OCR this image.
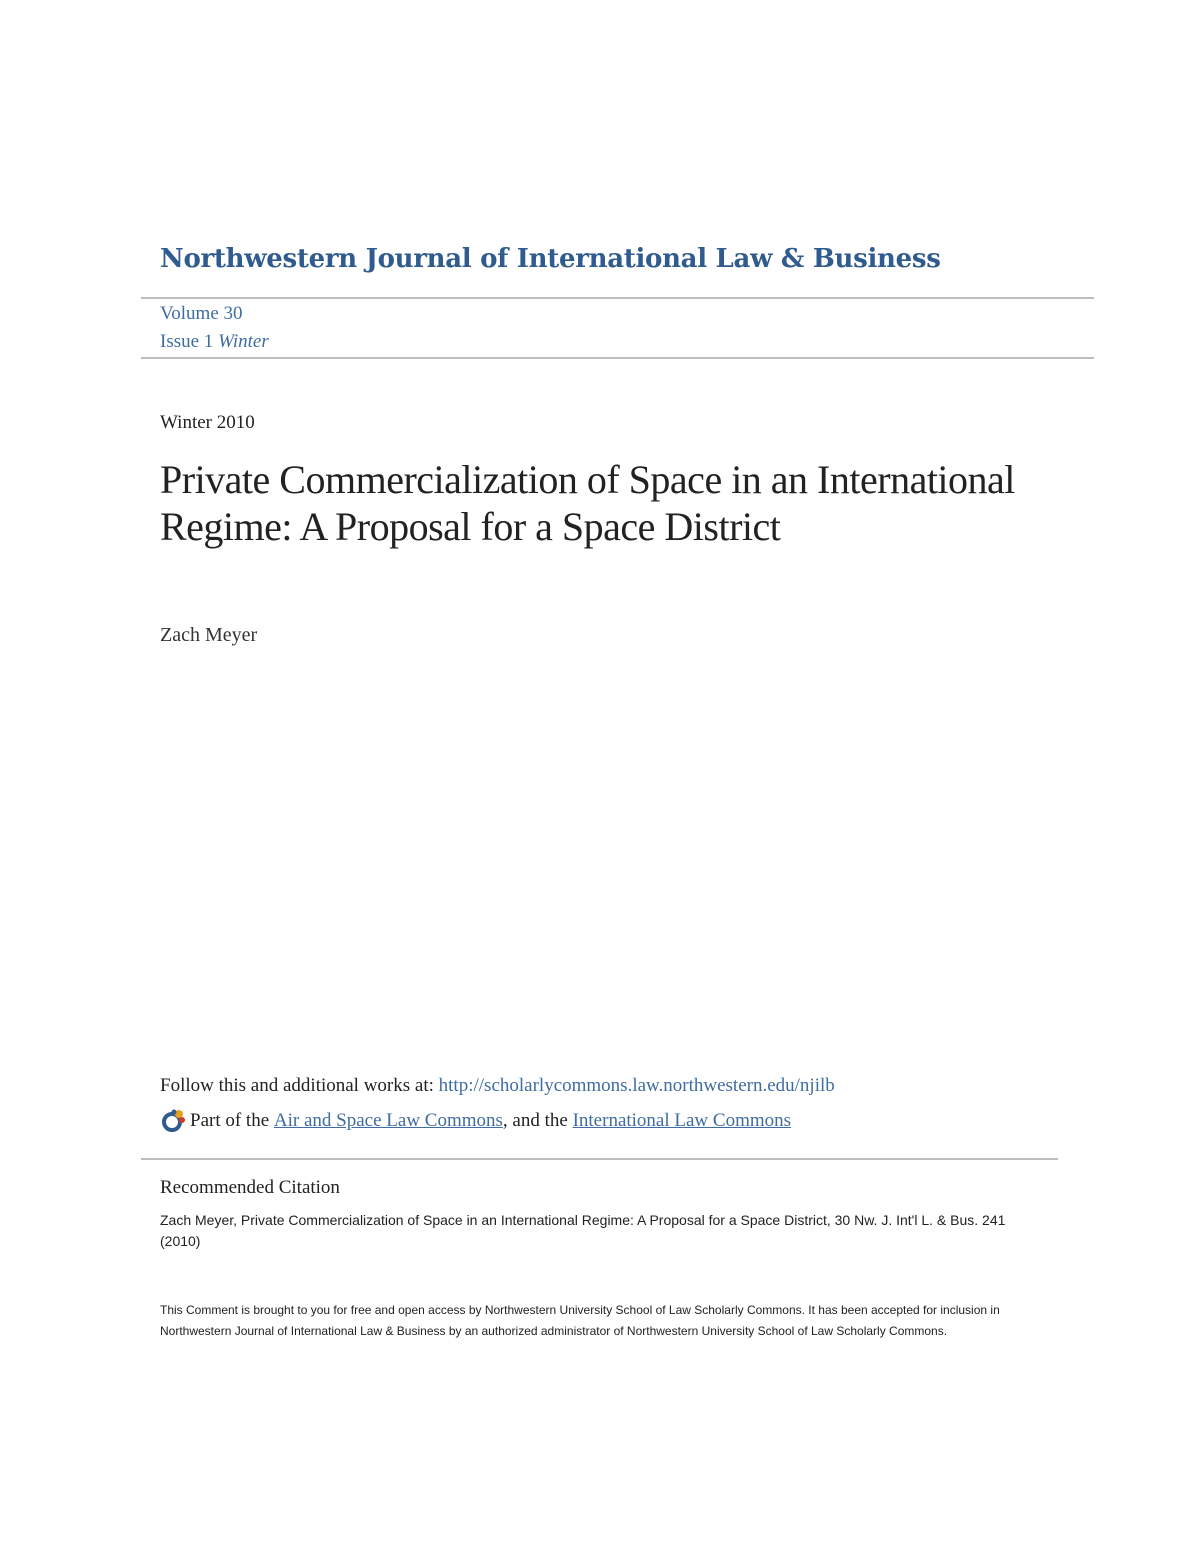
Northwestern Journal of International Law & Business
Volume 30
Issue 1 Winter
Winter 2010
Private Commercialization of Space in an International Regime: A Proposal for a Space District
Zach Meyer
Follow this and additional works at: http://scholarlycommons.law.northwestern.edu/njilb
Part of the Air and Space Law Commons , and the International Law Commons
Recommended Citation
Zach Meyer, Private Commercialization of Space in an International Regime: A Proposal for a Space District, 30 Nw. J. Int'l L. & Bus. 241 (2010)
This Comment is brought to you for free and open access by Northwestern University School of Law Scholarly Commons. It has been accepted for inclusion in Northwestern Journal of International Law & Business by an authorized administrator of Northwestern University School of Law Scholarly Commons.
